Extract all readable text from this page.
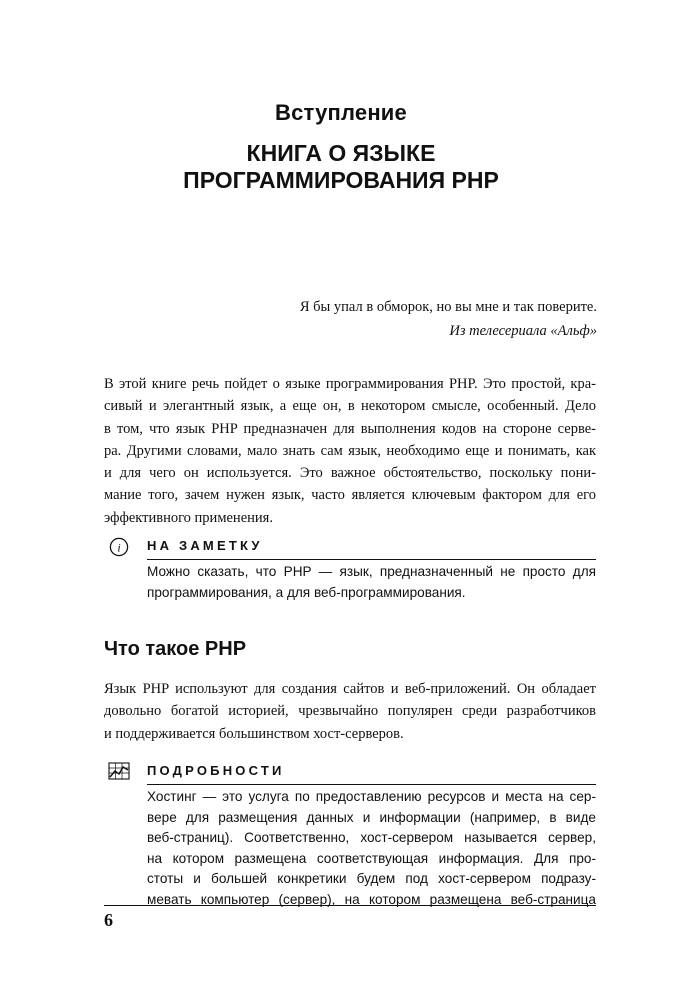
Вступление
КНИГА О ЯЗЫКЕ
ПРОГРАММИРОВАНИЯ PHP
Я бы упал в обморок, но вы мне и так поверите.
Из телесериала «Альф»
В этой книге речь пойдет о языке программирования PHP. Это простой, кра-
сивый и элегантный язык, а еще он, в некотором смысле, особенный. Дело
в том, что язык PHP предназначен для выполнения кодов на стороне серве-
ра. Другими словами, мало знать сам язык, необходимо еще и понимать, как
и для чего он используется. Это важное обстоятельство, поскольку пони-
мание того, зачем нужен язык, часто является ключевым фактором для его
эффективного применения.
i НА ЗАМЕТКУ
Можно сказать, что PHP — язык, предназначенный не просто для
программирования, а для веб-программирования.
Что такое PHP
Язык PHP используют для создания сайтов и веб-приложений. Он обладает
довольно богатой историей, чрезвычайно популярен среди разработчиков
и поддерживается большинством хост-серверов.
ПОДРОБНОСТИ
Хостинг — это услуга по предоставлению ресурсов и места на сер-
вере для размещения данных и информации (например, в виде
веб-страниц). Соответственно, хост-сервером называется сервер,
на котором размещена соответствующая информация. Для про-
стоты и большей конкретики будем под хост-сервером подразу-
мевать компьютер (сервер), на котором размещена веб-страница
6
